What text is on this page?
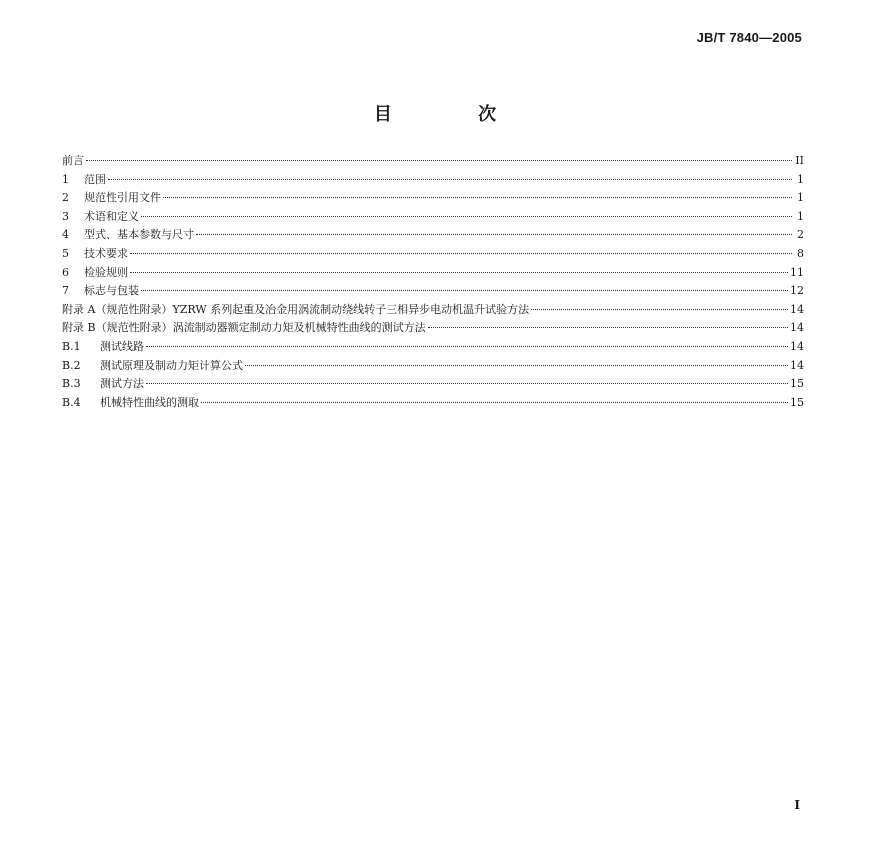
JB/T 7840—2005
目 次
前言	II
1	范围	1
2	规范性引用文件	1
3	术语和定义	1
4	型式、基本参数与尺寸	2
5	技术要求	8
6	检验规则	11
7	标志与包装	12
附录 A（规范性附录）YZRW 系列起重及冶金用涡流制动绕线转子三相异步电动机温升试验方法	14
附录 B（规范性附录）涡流制动器额定制动力矩及机械特性曲线的测试方法	14
B.1	测试线路	14
B.2	测试原理及制动力矩计算公式	14
B.3	测试方法	15
B.4	机械特性曲线的测取	15
I
